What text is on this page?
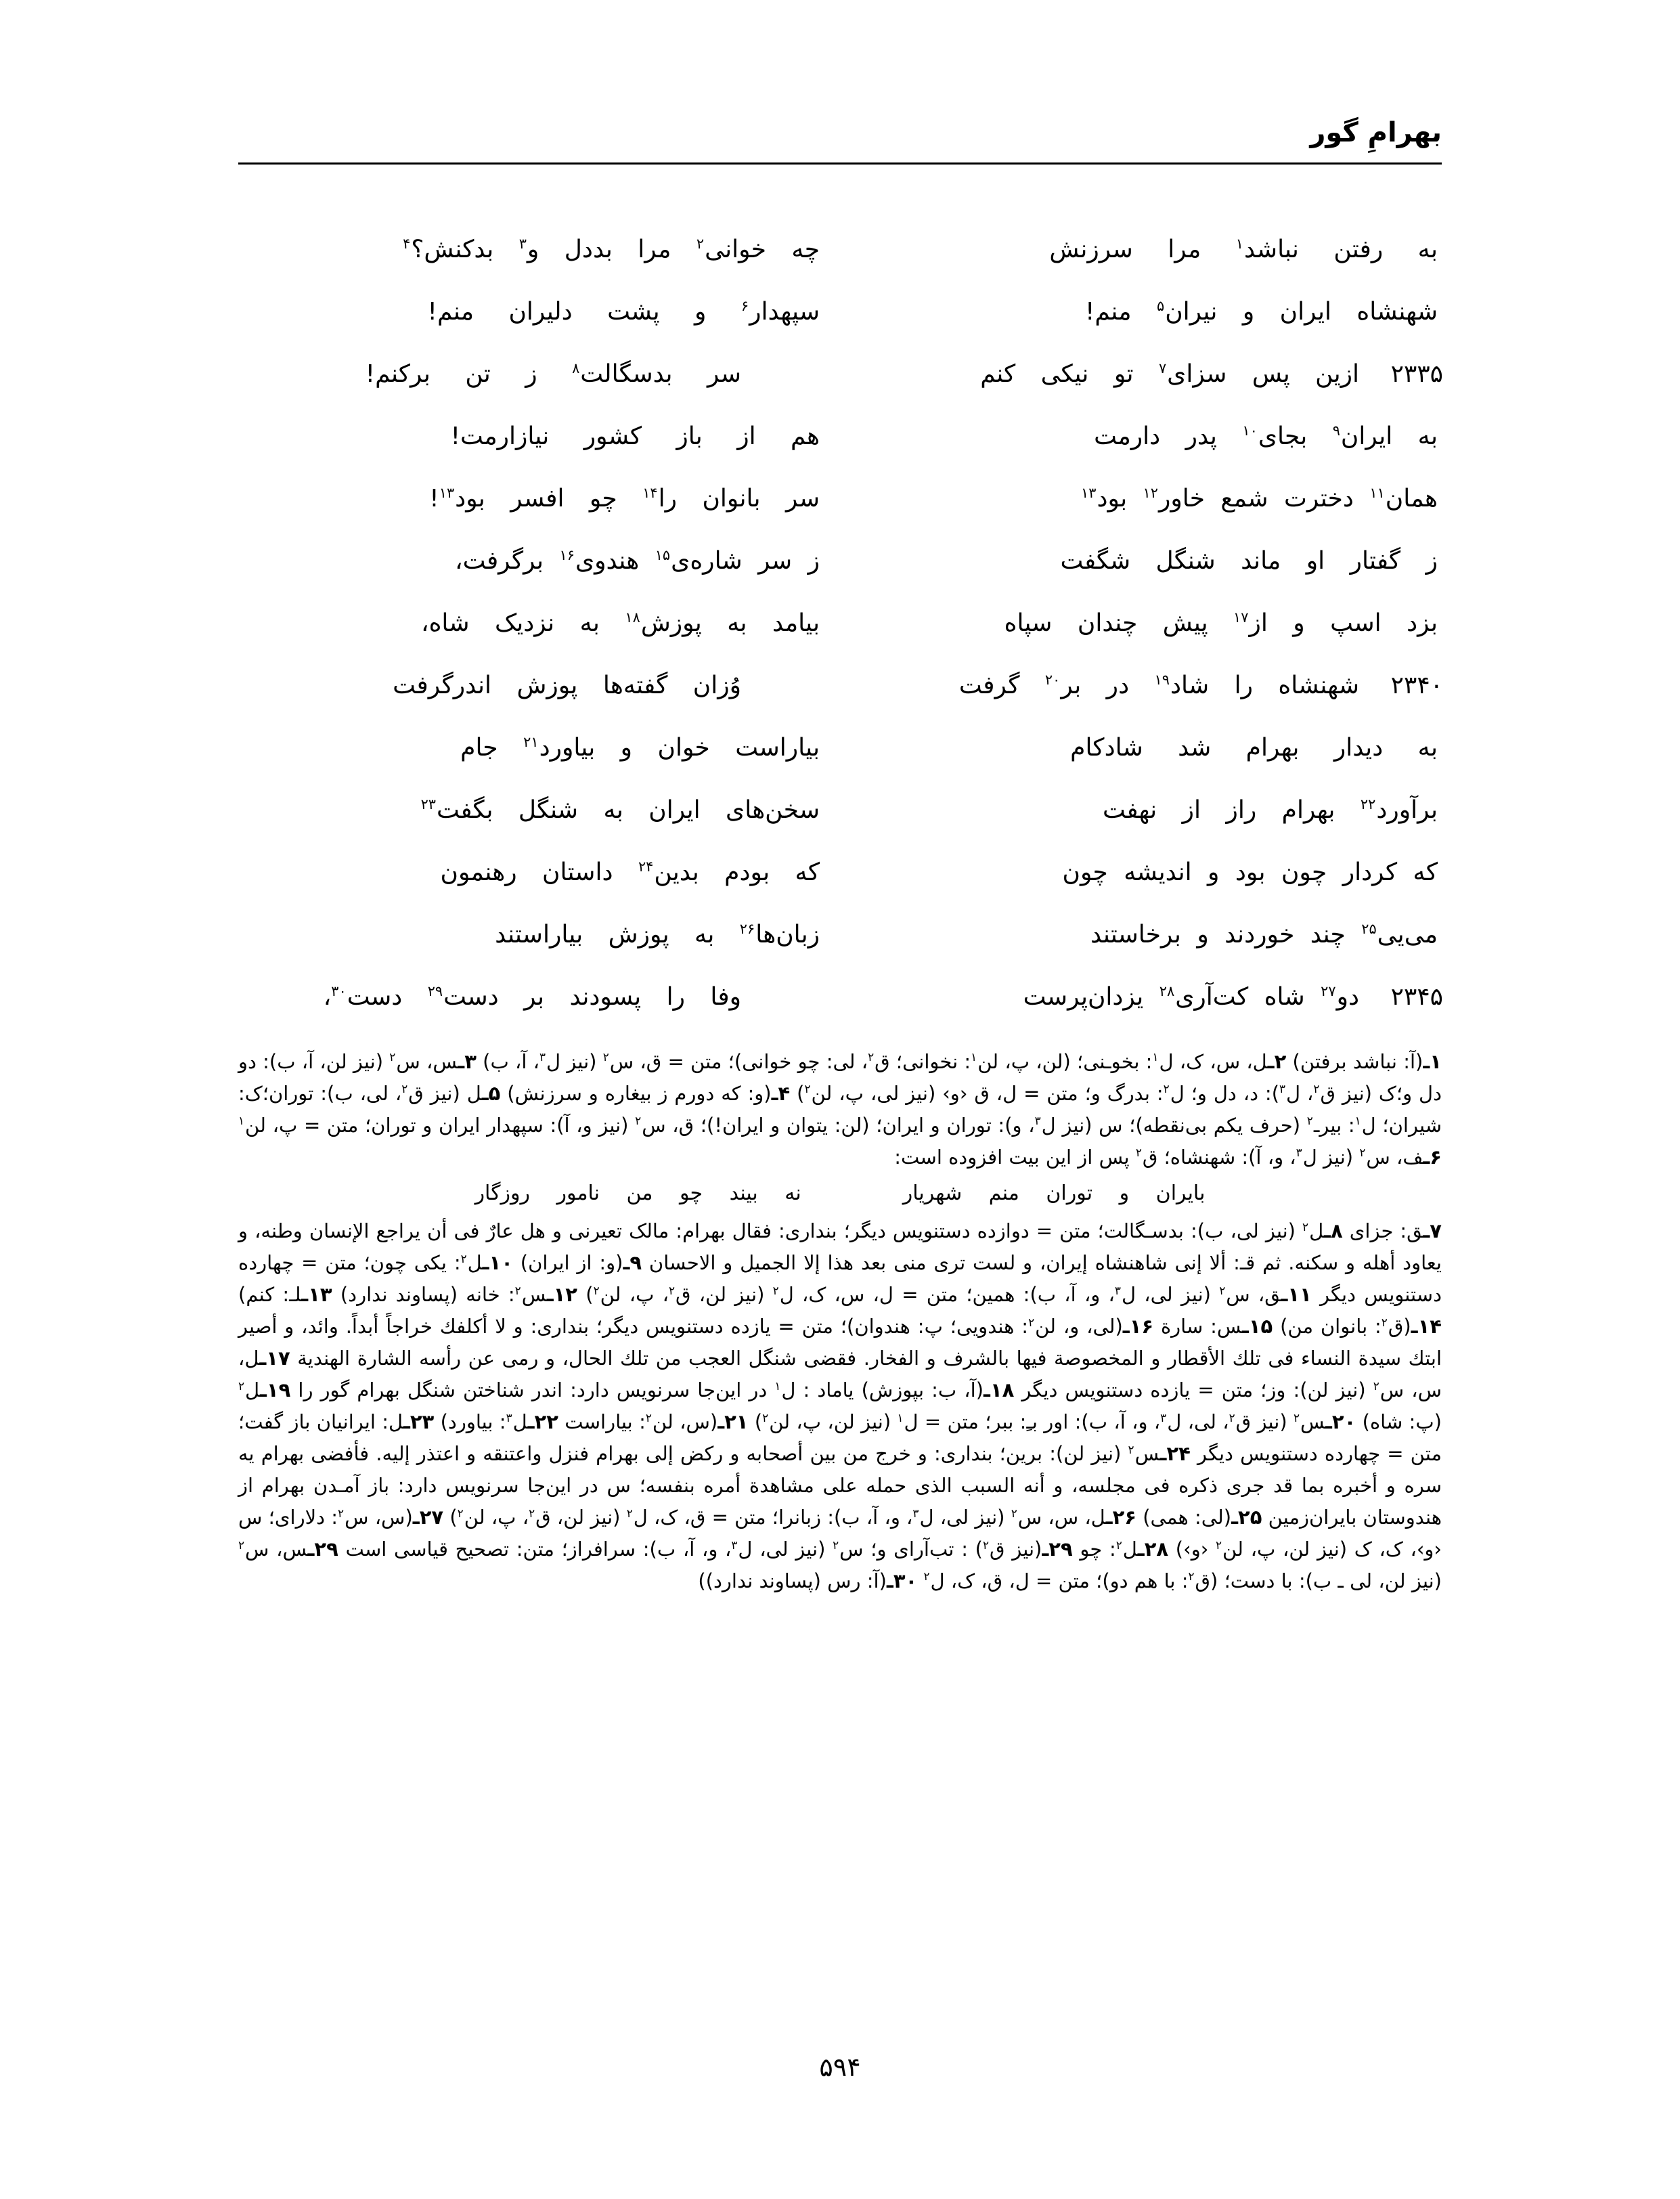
بهرامِ گور
به رفتن نباشد$^۱$ مرا سرزنش
چه خوانی$^۲$ مرا بددل و$^۳$ بدکنش؟$^۴$
شهنشاه ایران و نیران$^۵$ منم!
سپهدار$^۶$ و پشت دلیران منم!
۲۳۳۵
ازین پس سزای$^۷$ تو نیکی کنم
سر بدسگالت$^۸$ ز تن برکنم!
به ایران$^۹$ بجای$^{۱۰}$ پدر دارمت
هم از باز کشور نیازارمت!
همان$^{۱۱}$ دخترت شمع خاور$^{۱۲}$ بود$^{۱۳}$
سر بانوان را$^{۱۴}$ چو افسر بود$^{۱۳}$!
ز گفتار او ماند شنگل شگفت
ز سر شاره‌ی$^{۱۵}$ هندوی$^{۱۶}$ برگرفت،
بزد اسپ و از$^{۱۷}$ پیش چندان سپاه
بیامد به پوزش$^{۱۸}$ به نزدیک شاه،
۲۳۴۰
شهنشاه را شاد$^{۱۹}$ در بر$^{۲۰}$ گرفت
وُزان گفته‌ها پوزش اندرگرفت
به دیدار بهرام شد شادکام
بیاراست خوان و بیاورد$^{۲۱}$ جام
برآورد$^{۲۲}$ بهرام راز از نهفت
سخن‌های ایران به شنگل بگفت$^{۲۳}$
که کردار چون بود و اندیشه چون
که بودم بدین$^{۲۴}$ داستان رهنمون
می‌یی$^{۲۵}$ چند خوردند و برخاستند
زبان‌ها$^{۲۶}$ به پوزش بیاراستند
۲۳۴۵
دو$^{۲۷}$ شاه کت‌آری$^{۲۸}$ یزدان‌پرست
وفا را پسودند بر دست$^{۲۹}$ دست$^{۳۰}$،

۱ـ(آ: نباشد برفتن) ۲ـل، س، ک، ل$^۱$: بخوـنی؛ (لن، پ، لن$^۱$: نخوانی؛ ق$^۲$، لی: چو خوانی)؛ متن = ق، س$^۲$ (نیز ل$^۳$، آ، ب) ۳ـس، س$^۲$ (نیز لن، آ، ب): دو دل و؛ک (نیز ق$^۲$، ل$^۳$): د، دل و؛ ل$^۲$: بدرگ و؛ متن = ل، ق ‹و› (نیز لی، پ، لن$^۲$) ۴ـ(و: که دورم ز بیغاره و سرزنش) ۵ـل (نیز ق$^۲$، لی، ب): توران؛ک: شیران؛ ل$^۱$: بیرـ$^۲$ (حرف یکم بی‌نقطه)؛ س (نیز ل$^۳$، و): توران و ایران؛ (لن: یتوان و ایران!)؛ ق، س$^۲$ (نیز و، آ): سپهدار ایران و توران؛ متن = پ، لن$^۱$ ۶ـف، س$^۲$ (نیز ل$^۳$، و، آ): شهنشاه؛ ق$^۲$ پس از این بیت افزوده است:

بایران و توران منم شهریارنه بیند چو من نامور روزگار

۷ـق: جزای ۸ـل$^۲$ (نیز لی، ب): بدسـگالت؛ متن = دوازده دستنویس دیگر؛ بنداری: فقال بهرام: مالک تعیرنی و هل عارٌ فی أن یراجع الإنسان وطنه، و یعاود أهله و سكنه. ثم قـ: ألا إنی شاهنشاه إیران، و لست تری منی بعد هذا إلا الجمیل و الاحسان ۹ـ(و: از ایران) ۱۰ـل$^۲$: یکی چون؛ متن = چهارده دستنویس دیگر ۱۱ـق، س$^۲$ (نیز لی، ل$^۳$، و، آ، ب): همین؛ متن = ل، س، ک، ل$^۲$ (نیز لن، ق$^۲$، پ، لن$^۲$) ۱۲ـس$^۲$: خانه (پساوند ندارد) ۱۳ـلـ: کنم) ۱۴ـ(ق$^۲$: بانوان من) ۱۵ـس: سارة ۱۶ـ(لی، و، لن$^۲$: هندویی؛ پ: هندوان)؛ متن = یازده دستنویس دیگر؛ بنداری: و لا أكلفك خراجاً أبداً. وائد، و أصیر ابتك سیدة النساء فی تلك الأقطار و المخصوصة فیها بالشرف و الفخار. فقضی شنگل العجب من تلك الحال، و رمی عن رأسه الشارة الهندیة ۱۷ـل، س، س$^۲$ (نیز لن): وز؛ متن = یازده دستنویس دیگر ۱۸ـ(آ، ب: بپوزش) یاماد : ل$^۱$ در این‌جا سرنویس دارد: اندر شناختن شنگل بهرام گور را ۱۹ـل$^۲$ (پ: شاه) ۲۰ـس$^۲$ (نیز ق$^۲$، لی، ل$^۳$، و، آ، ب): اور بـِ: ببر؛ متن = ل$^۱$ (نیز لن، پ، لن$^۲$) ۲۱ـ(س، لن$^۲$: بیاراست ۲۲ـل$^۳$: بیاورد) ۲۳ـل: ایرانیان باز گفت؛ متن = چهارده دستنویس دیگر ۲۴ـس$^۲$ (نیز لن): برین؛ بنداری: و خرج من بین أصحابه و ركض إلی بهرام فنزل واعتنقه و اعتذر إلیه. فأفضی بهرام یه سره و أخبره بما قد جری ذكره فی مجلسه، و أنه السبب الذی حمله علی مشاهدة أمره بنفسه؛ س در این‌جا سرنویس دارد: باز آمـدن بهرام از هندوستان بایران‌زمین ۲۵ـ(لی: همی) ۲۶ـل، س، س$^۲$ (نیز لی، ل$^۳$، و، آ، ب): زبانرا؛ متن = ق، ک، ل$^۲$ (نیز لن، ق$^۲$، پ، لن$^۲$) ۲۷ـ(س، س$^۲$: دلارای؛ س ‹و›، ک، ک (نیز لن، پ، لن$^۲$ ‹و›) ۲۸ـل$^۲$: چو ۲۹ـ(نیز ق$^۲$) : تب‌آرای و؛ س$^۲$ (نیز لی، ل$^۳$، و، آ، ب): سرافراز؛ متن: تصحیح قیاسی است ۲۹ـس، س$^۲$ (نیز لن، لی ـ ب): با دست؛ (ق$^۲$: با هم دو)؛ متن = ل، ق، ک، ل$^۲$ ۳۰ـ(آ: رس (پساوند ندارد))

۵۹۴
